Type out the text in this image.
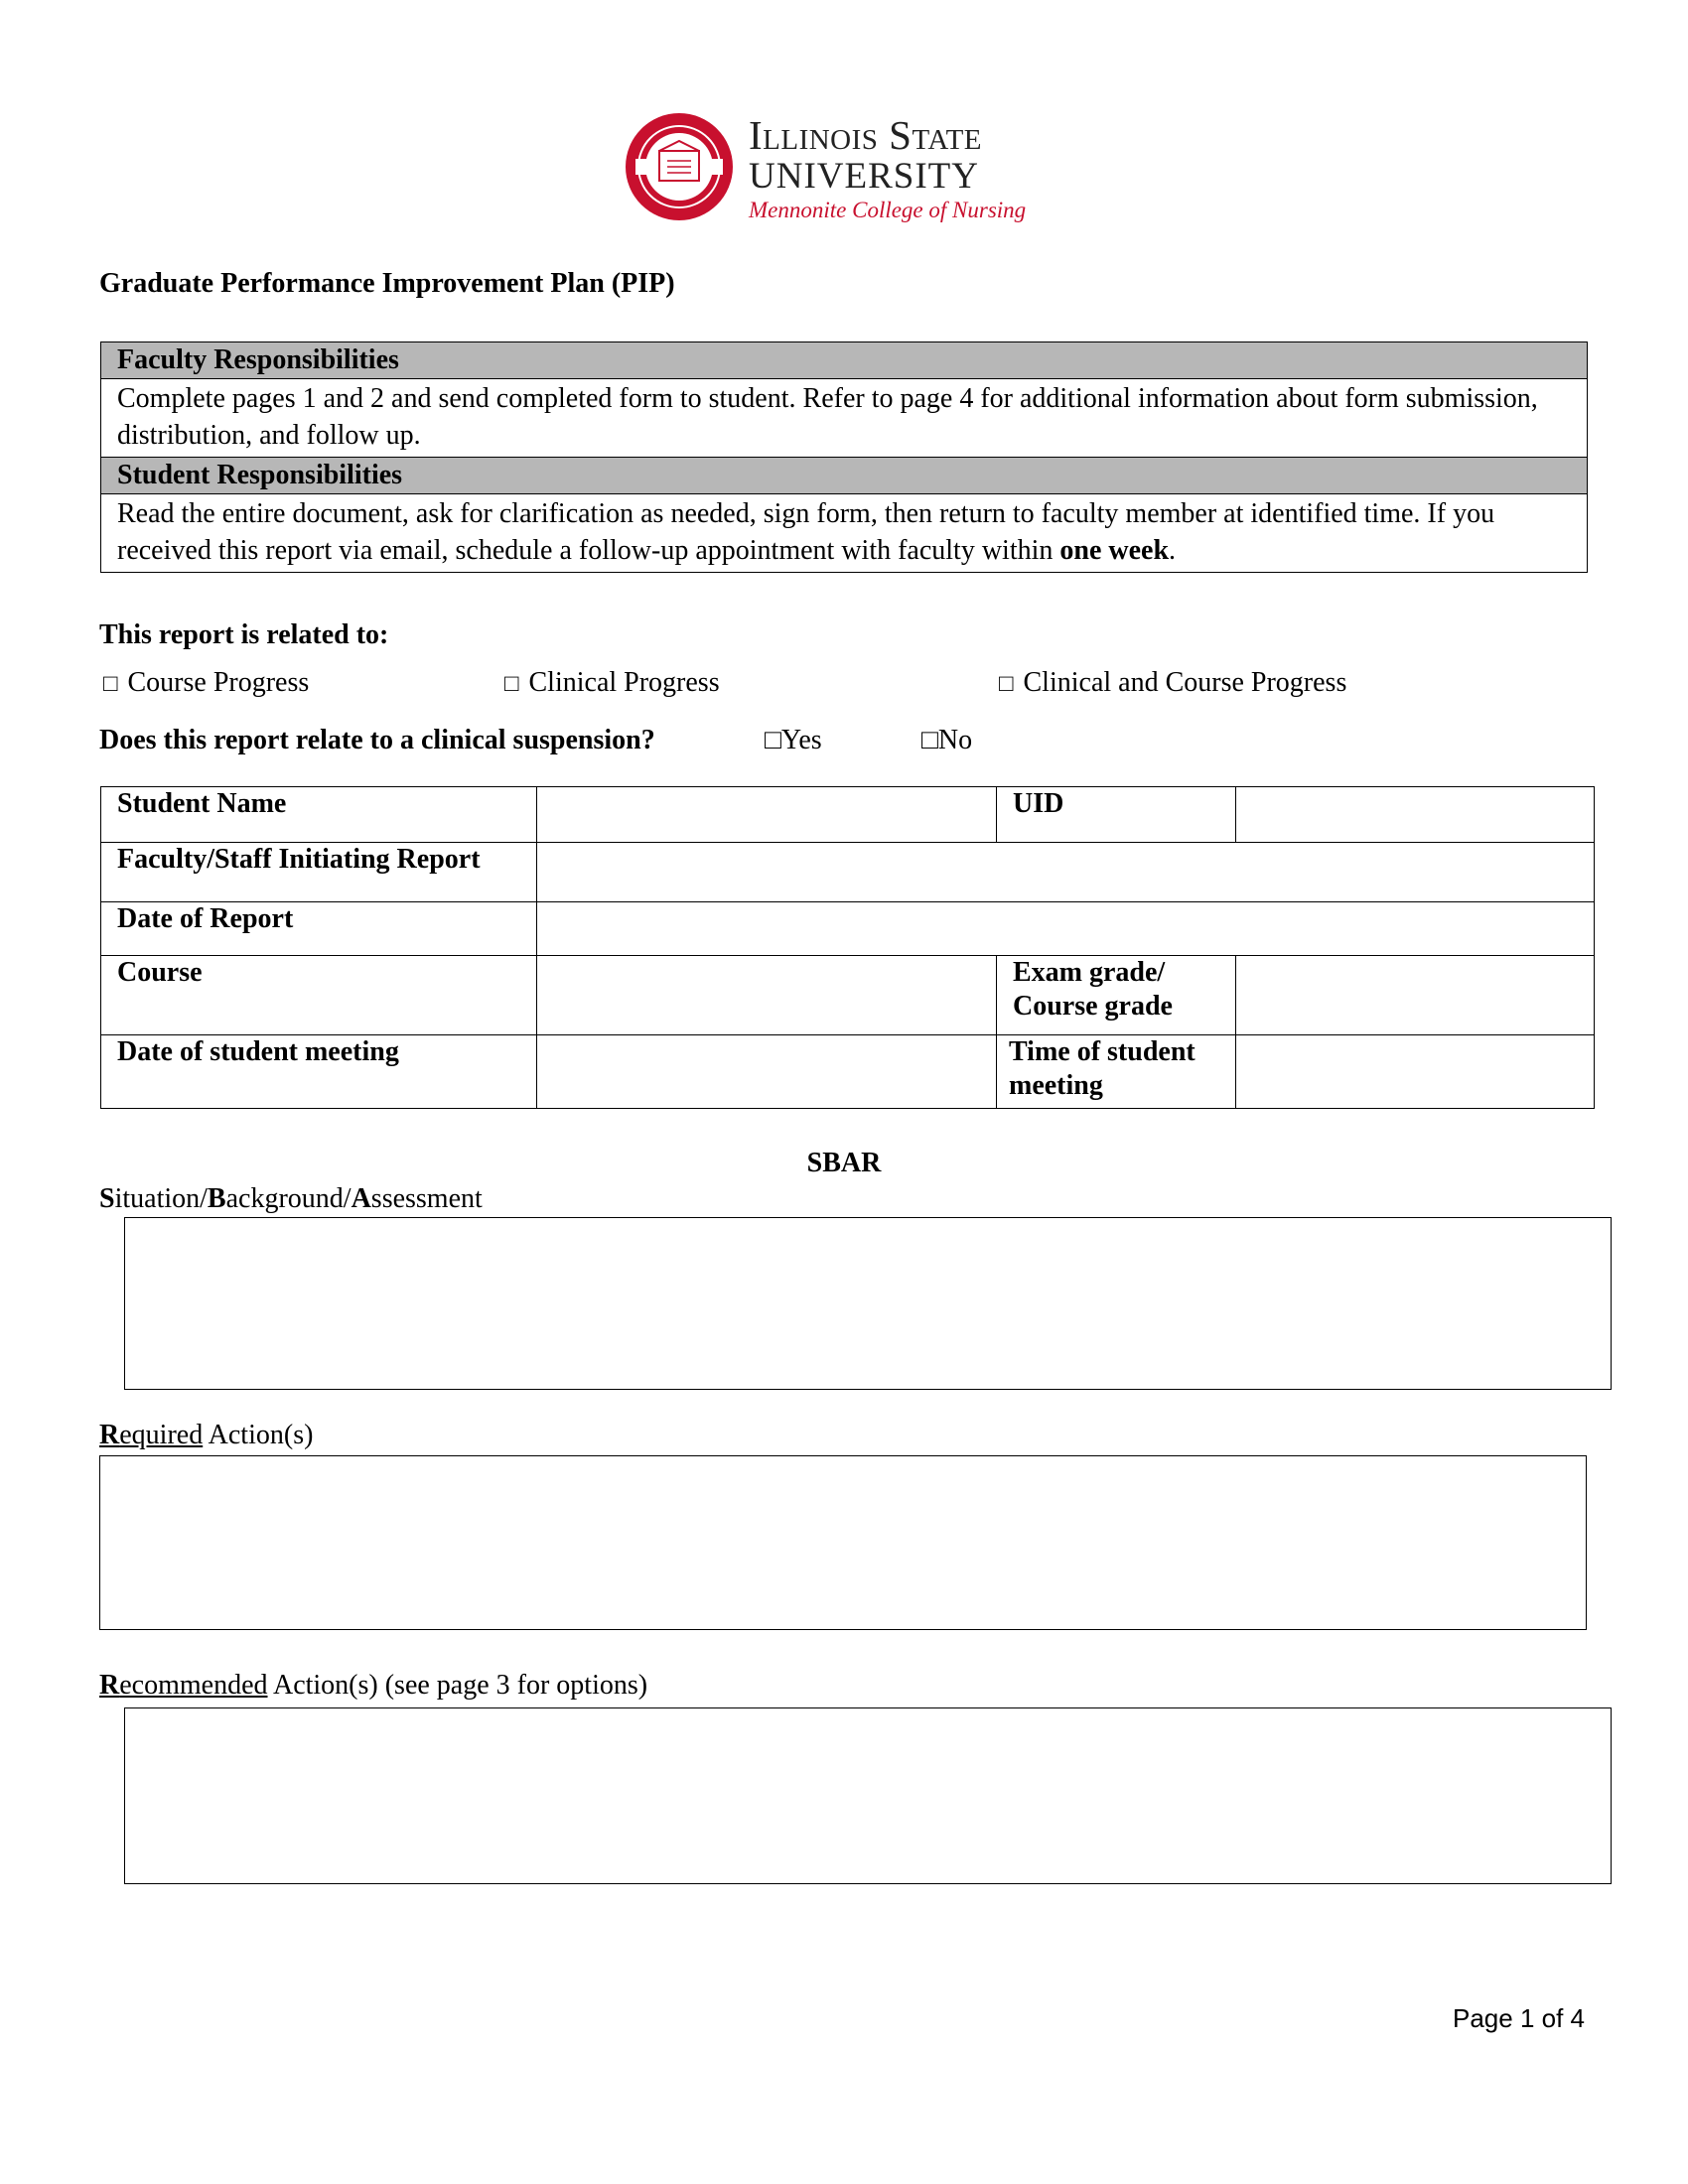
Illinois State
UNIVERSITY
Mennonite College of Nursing
Graduate Performance Improvement Plan (PIP)
Faculty Responsibilities
Complete pages 1 and 2 and send completed form to student. Refer to page 4 for additional information about form submission, distribution, and follow up.
Student Responsibilities
Read the entire document, ask for clarification as needed, sign form, then return to faculty member at identified time. If you received this report via email, schedule a follow-up appointment with faculty within one week.
This report is related to:
□ Course Progress	□ Clinical Progress	□ Clinical and Course Progress
Does this report relate to a clinical suspension?	□Yes	□No
Student Name		UID	
Faculty/Staff Initiating Report			
Date of Report			
Course		Exam grade/
Course grade	

Date of student meeting		Time of student
meeting	

SBAR
Situation/Background/Assessment
Required Action(s)
Recommended Action(s) (see page 3 for options)
Page 1 of 4
